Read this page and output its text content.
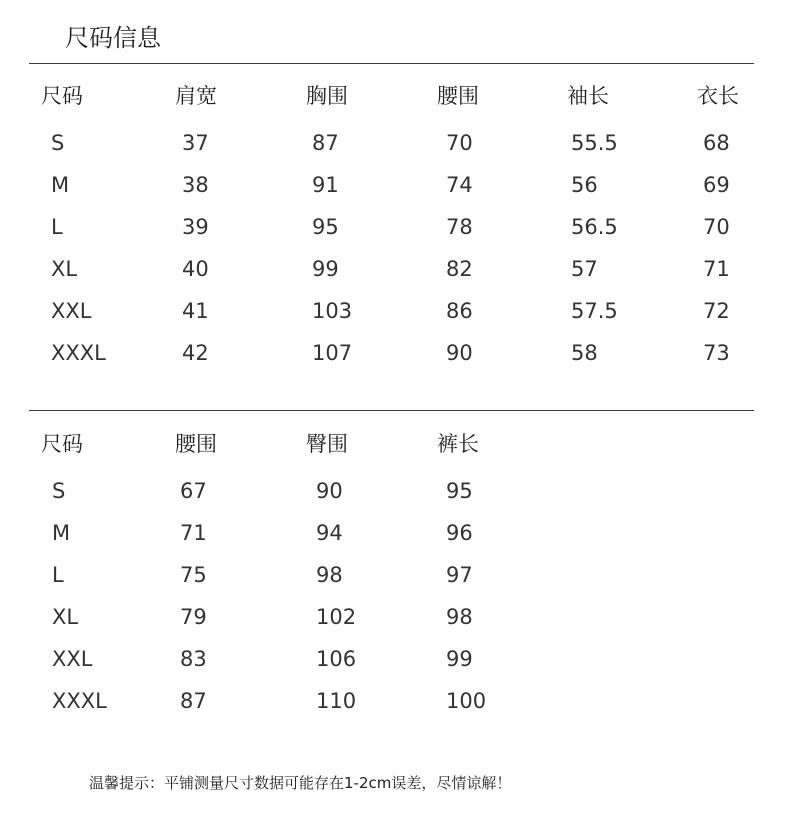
尺码信息
尺码	肩宽	胸围	腰围	袖长	衣长
S	37	87	70	55.5	68
M	38	91	74	56	69
L	39	95	78	56.5	70
XL	40	99	82	57	71
XXL	41	103	86	57.5	72
XXXL	42	107	90	58	73
尺码	腰围	臀围	裤长
S	67	90	95
M	71	94	96
L	75	98	97
XL	79	102	98
XXL	83	106	99
XXXL	87	110	100
温馨提示：平铺测量尺寸数据可能存在1-2cm误差，尽情谅解！
